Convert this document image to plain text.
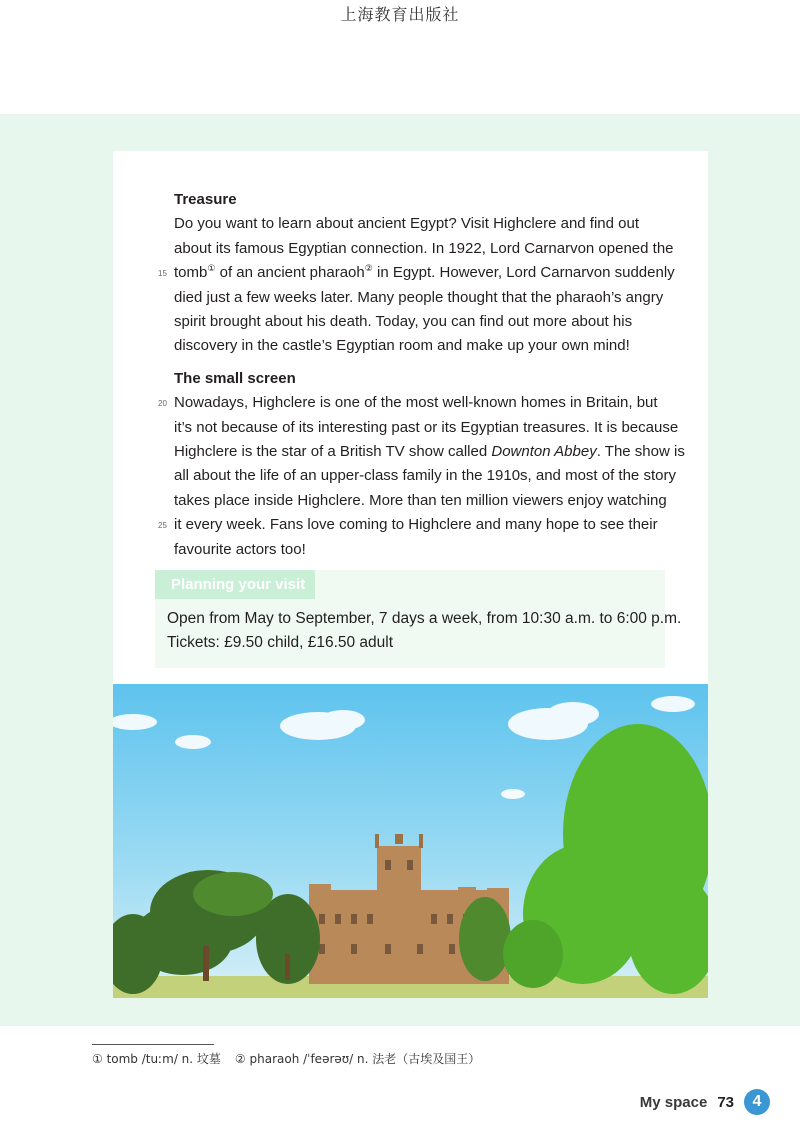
上海教育出版社

Treasure

Do you want to learn about ancient Egypt? Visit Highclere and find out
about its famous Egyptian connection. In 1922, Lord Carnarvon opened the
15 tomb① of an ancient pharaoh② in Egypt. However, Lord Carnarvon suddenly
died just a few weeks later. Many people thought that the pharaoh’s angry
spirit brought about his death. Today, you can find out more about his
discovery in the castle’s Egyptian room and make up your own mind!

The small screen

20 Nowadays, Highclere is one of the most well-known homes in Britain, but
it’s not because of its interesting past or its Egyptian treasures. It is because
Highclere is the star of a British TV show called Downton Abbey. The show is
all about the life of an upper-class family in the 1910s, and most of the story
takes place inside Highclere. More than ten million viewers enjoy watching
25 it every week. Fans love coming to Highclere and many hope to see their
favourite actors too!
Planning your visit
Open from May to September, 7 days a week, from 10:30 a.m. to 6:00 p.m.
Tickets: £9.50 child, £16.50 adult
① tomb /tuːm/ n. 坟墓 ② pharaoh /ˈfeərəʊ/ n. 法老（古埃及国王）
My space 73	4
